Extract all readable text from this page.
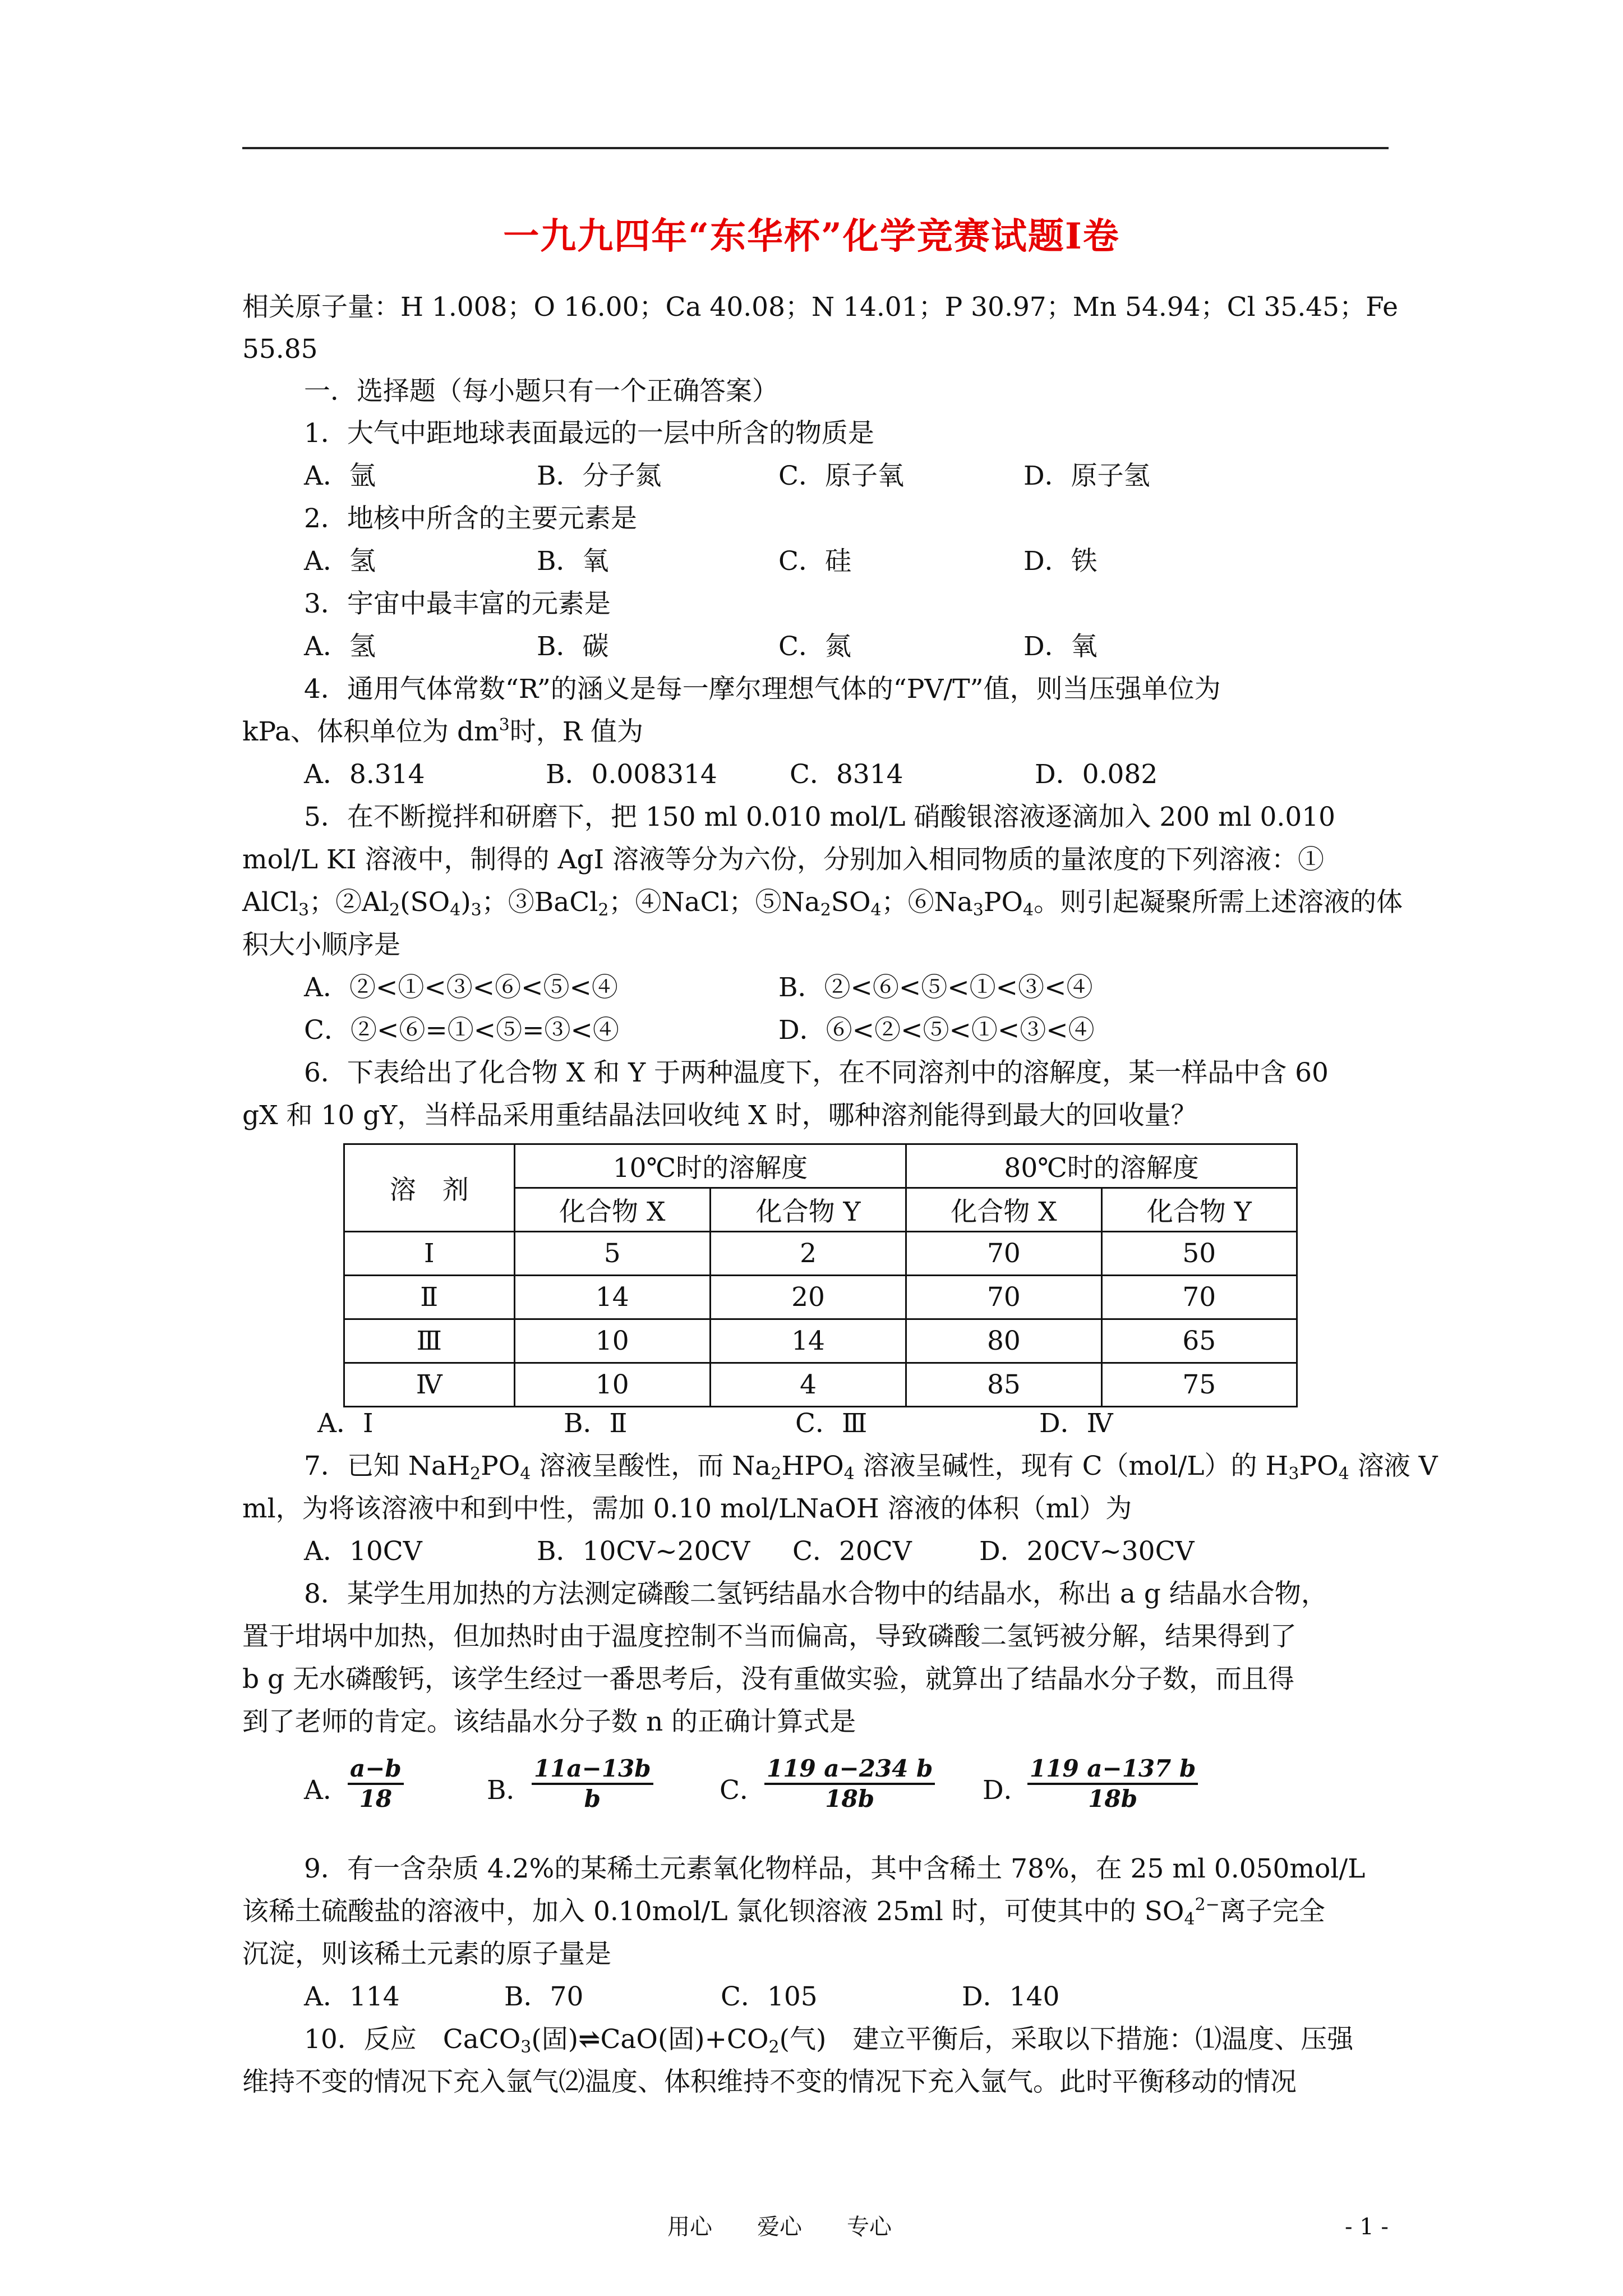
一九九四年“东华杯”化学竞赛试题Ⅰ卷
相关原子量：H 1.008；O 16.00；Ca 40.08；N 14.01；P 30.97；Mn 54.94；Cl 35.45；Fe
55.85
一．选择题（每小题只有一个正确答案）
1．大气中距地球表面最远的一层中所含的物质是
A．氩	B．分子氮	C．原子氧	D．原子氢
2．地核中所含的主要元素是
A．氢	B．氧	C．硅	D．铁
3．宇宙中最丰富的元素是
A．氢	B．碳	C．氮	D．氧
4．通用气体常数“R”的涵义是每一摩尔理想气体的“PV/T”值，则当压强单位为
kPa、体积单位为 $dm^3$时，R 值为
A．8.314	B．0.008314	C．8314	D．0.082
5．在不断搅拌和研磨下，把 150 ml 0.010 mol/L 硝酸银溶液逐滴加入 200 ml 0.010
mol/L KI 溶液中，制得的 AgI 溶液等分为六份，分别加入相同物质的量浓度的下列溶液：①
AlCl$_3$；$②Al_2(SO_4)_3$；③BaCl$_2$；④NaCl；$⑤Na_2SO_4$；$⑥Na_3PO_4$。则引起凝聚所需上述溶液的体
积大小顺序是
A．②<①<③<⑥<⑤<④	B．②<⑥<⑤<①<③<④
C．②<⑥=①<⑤=③<④	D．⑥<②<⑤<①<③<④
6．下表给出了化合物 X 和 Y 于两种温度下，在不同溶剂中的溶解度，某一样品中含 60
gX 和 10 gY，当样品采用重结晶法回收纯 X 时，哪种溶剂能得到最大的回收量？
溶　剂	10℃时的溶解度		80℃时的溶解度	
	化合物 X	化合物 Y	化合物 X	化合物 Y
Ⅰ	5	2	70	50
Ⅱ	14	20	70	70
Ⅲ	10	14	80	65
Ⅳ	10	4	85	75
A．Ⅰ	B．Ⅱ	C．Ⅲ	D．Ⅳ
7．已知 $NaH_2PO_4$ 溶液呈酸性，而 $Na_2HPO_4$ 溶液呈碱性，现有 C（mol/L）的 $H_3PO_4$ 溶液 V
ml，为将该溶液中和到中性，需加 0.10 mol/LNaOH 溶液的体积（ml）为
A．10CV	B．10CV~20CV C．20CV	D．20CV~30CV
8．某学生用加热的方法测定磷酸二氢钙结晶水合物中的结晶水，称出 a g 结晶水合物，
置于坩埚中加热，但加热时由于温度控制不当而偏高，导致磷酸二氢钙被分解，结果得到了
b g 无水磷酸钙，该学生经过一番思考后，没有重做实验，就算出了结晶水分子数，而且得
到了老师的肯定。该结晶水分子数 n 的正确计算式是
A．
$\frac{a-b}{18}$	B．
$\frac{11a-13b}{b}$	C．
$\frac{119 a-234 b}{18b}$ D．
$\frac{119 a-137 b}{18b}$
9．有一含杂质 4.2%的某稀土元素氧化物样品，其中含稀土 78%，在 25 ml 0.050mol/L
该稀土硫酸盐的溶液中，加入 0.10mol/L 氯化钡溶液 25ml 时，可使其中的 $SO_4^{2-}$离子完全
沉淀，则该稀土元素的原子量是
A．114	B．70	C．105	D．140
10．反应　CaCO$_3$(固)⇌CaO(固)$+CO_2$(气)　建立平衡后，采取以下措施：⑴温度、压强
维持不变的情况下充入氩气⑵温度、体积维持不变的情况下充入氩气。此时平衡移动的情况
用心　　爱心　　专心	- 1 -
